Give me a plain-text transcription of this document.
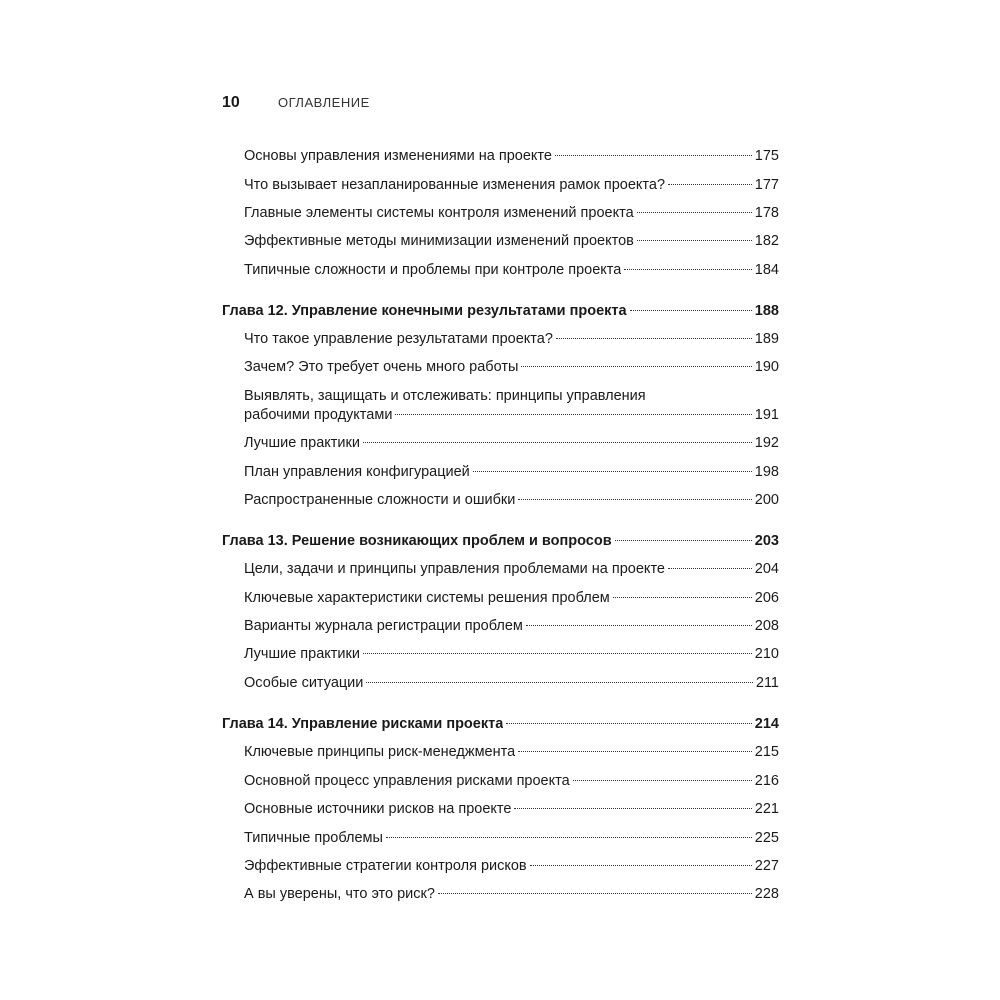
10	ОГЛАВЛЕНИЕ
Основы управления изменениями на проекте	175
Что вызывает незапланированные изменения рамок проекта?	177
Главные элементы системы контроля изменений проекта	178
Эффективные методы минимизации изменений проектов	182
Типичные сложности и проблемы при контроле проекта	184
Глава 12. Управление конечными результатами проекта	188
Что такое управление результатами проекта?	189
Зачем? Это требует очень много работы	190
Выявлять, защищать и отслеживать: принципы управления
рабочими продуктами	191
Лучшие практики	192
План управления конфигурацией	198
Распространенные сложности и ошибки	200
Глава 13. Решение возникающих проблем и вопросов	203
Цели, задачи и принципы управления проблемами на проекте	204
Ключевые характеристики системы решения проблем	206
Варианты журнала регистрации проблем	208
Лучшие практики	210
Особые ситуации	211
Глава 14. Управление рисками проекта	214
Ключевые принципы риск-менеджмента	215
Основной процесс управления рисками проекта	216
Основные источники рисков на проекте	221
Типичные проблемы	225
Эффективные стратегии контроля рисков	227
А вы уверены, что это риск?	228
